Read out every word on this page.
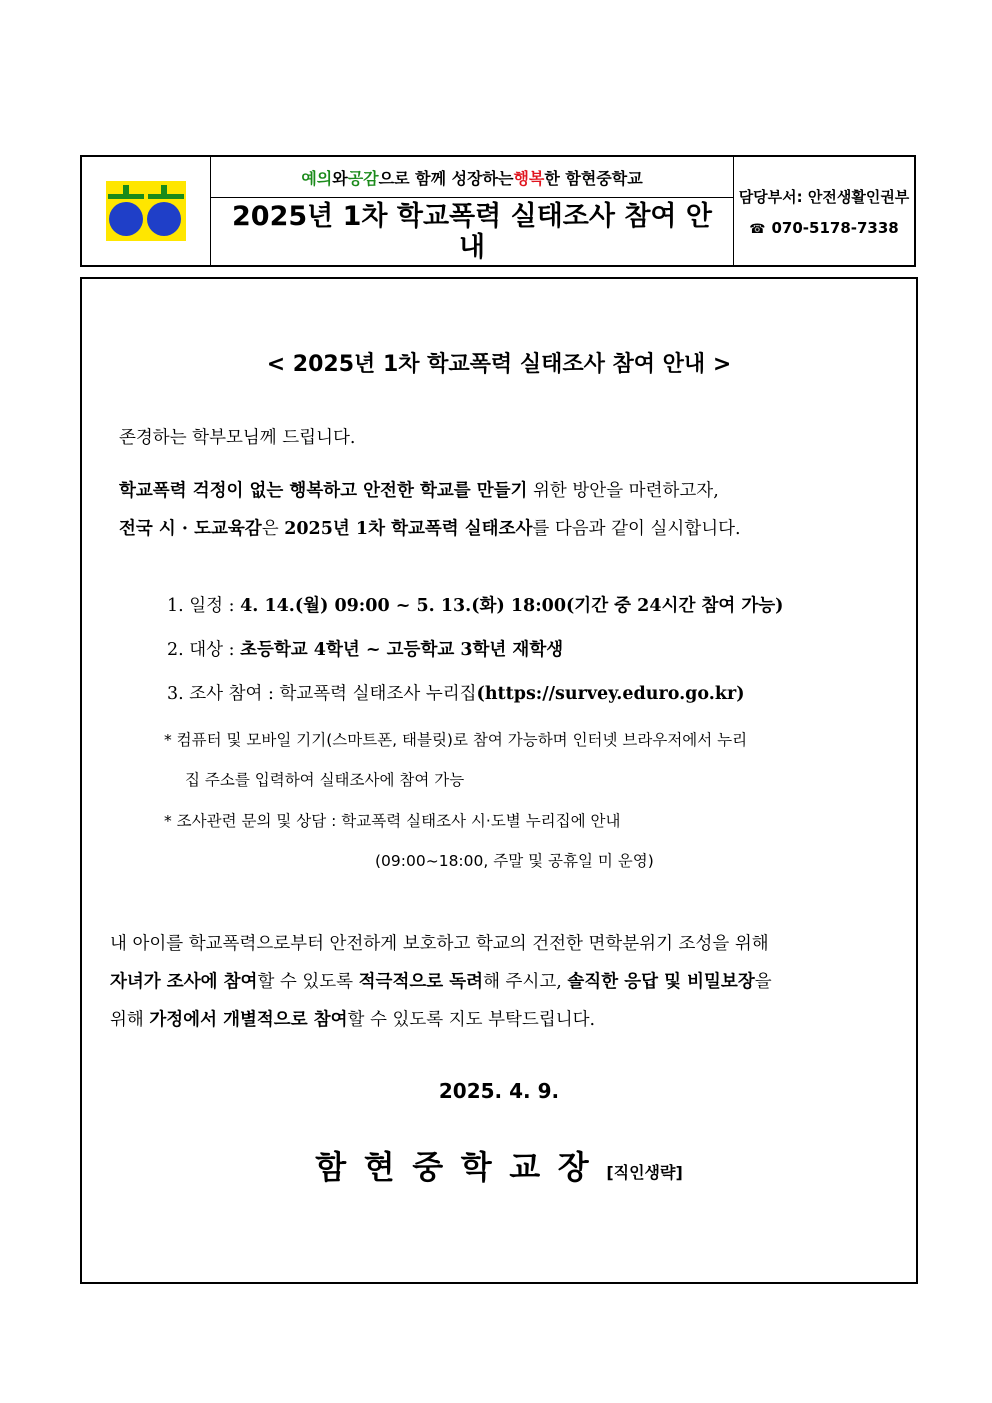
함우
예의 와 공감 으로 함께 성장하는 행복 한 함현중학교
2025년 1차 학교폭력 실태조사 참여 안내
담당부서: 안전생활인권부
☎ 070-5178-7338
< 2025년 1차 학교폭력 실태조사 참여 안내 >
존경하는 학부모님께 드립니다.
학교폭력 걱정이 없는 행복하고 안전한 학교를 만들기 위한 방안을 마련하고자,
전국 시 · 도교육감은 2025년 1차 학교폭력 실태조사를 다음과 같이 실시합니다.
1. 일정 : 4. 14.(월) 09:00 ~ 5. 13.(화) 18:00(기간 중 24시간 참여 가능)
2. 대상 : 초등학교 4학년 ~ 고등학교 3학년 재학생
3. 조사 참여 : 학교폭력 실태조사 누리집(https://survey.eduro.go.kr)
* 컴퓨터 및 모바일 기기(스마트폰, 태블릿)로 참여 가능하며 인터넷 브라우저에서 누리
집 주소를 입력하여 실태조사에 참여 가능
* 조사관련 문의 및 상담 : 학교폭력 실태조사 시·도별 누리집에 안내
(09:00~18:00, 주말 및 공휴일 미 운영)
내 아이를 학교폭력으로부터 안전하게 보호하고 학교의 건전한 면학분위기 조성을 위해
자녀가 조사에 참여할 수 있도록 적극적으로 독려해 주시고, 솔직한 응답 및 비밀보장을
위해 가정에서 개별적으로 참여할 수 있도록 지도 부탁드립니다.
2025. 4. 9.
함현중학교장[직인생략]
